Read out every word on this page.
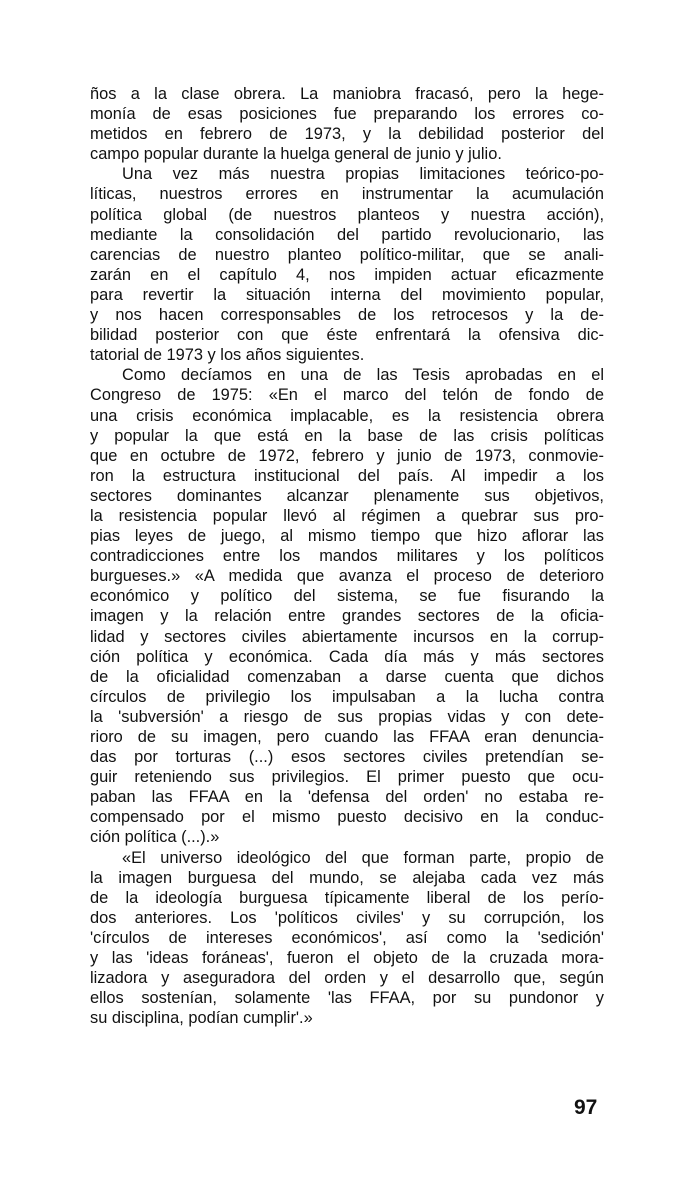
ños a la clase obrera. La maniobra fracasó, pero la hege-
monía de esas posiciones fue preparando los errores co-
metidos en febrero de 1973, y la debilidad posterior del
campo popular durante la huelga general de junio y julio.
Una vez más nuestra propias limitaciones teórico-po-
líticas, nuestros errores en instrumentar la acumulación
política global (de nuestros planteos y nuestra acción),
mediante la consolidación del partido revolucionario, las
carencias de nuestro planteo político-militar, que se anali-
zarán en el capítulo 4, nos impiden actuar eficazmente
para revertir la situación interna del movimiento popular,
y nos hacen corresponsables de los retrocesos y la de-
bilidad posterior con que éste enfrentará la ofensiva dic-
tatorial de 1973 y los años siguientes.
Como decíamos en una de las Tesis aprobadas en el
Congreso de 1975: «En el marco del telón de fondo de
una crisis económica implacable, es la resistencia obrera
y popular la que está en la base de las crisis políticas
que en octubre de 1972, febrero y junio de 1973, conmovie-
ron la estructura institucional del país. Al impedir a los
sectores dominantes alcanzar plenamente sus objetivos,
la resistencia popular llevó al régimen a quebrar sus pro-
pias leyes de juego, al mismo tiempo que hizo aflorar las
contradicciones entre los mandos militares y los políticos
burgueses.» «A medida que avanza el proceso de deterioro
económico y político del sistema, se fue fisurando la
imagen y la relación entre grandes sectores de la oficia-
lidad y sectores civiles abiertamente incursos en la corrup-
ción política y económica. Cada día más y más sectores
de la oficialidad comenzaban a darse cuenta que dichos
círculos de privilegio los impulsaban a la lucha contra
la 'subversión' a riesgo de sus propias vidas y con dete-
rioro de su imagen, pero cuando las FFAA eran denuncia-
das por torturas (...) esos sectores civiles pretendían se-
guir reteniendo sus privilegios. El primer puesto que ocu-
paban las FFAA en la 'defensa del orden' no estaba re-
compensado por el mismo puesto decisivo en la conduc-
ción política (...).»
«El universo ideológico del que forman parte, propio de
la imagen burguesa del mundo, se alejaba cada vez más
de la ideología burguesa típicamente liberal de los perío-
dos anteriores. Los 'políticos civiles' y su corrupción, los
'círculos de intereses económicos', así como la 'sedición'
y las 'ideas foráneas', fueron el objeto de la cruzada mora-
lizadora y aseguradora del orden y el desarrollo que, según
ellos sostenían, solamente 'las FFAA, por su pundonor y
su disciplina, podían cumplir'.»
97
